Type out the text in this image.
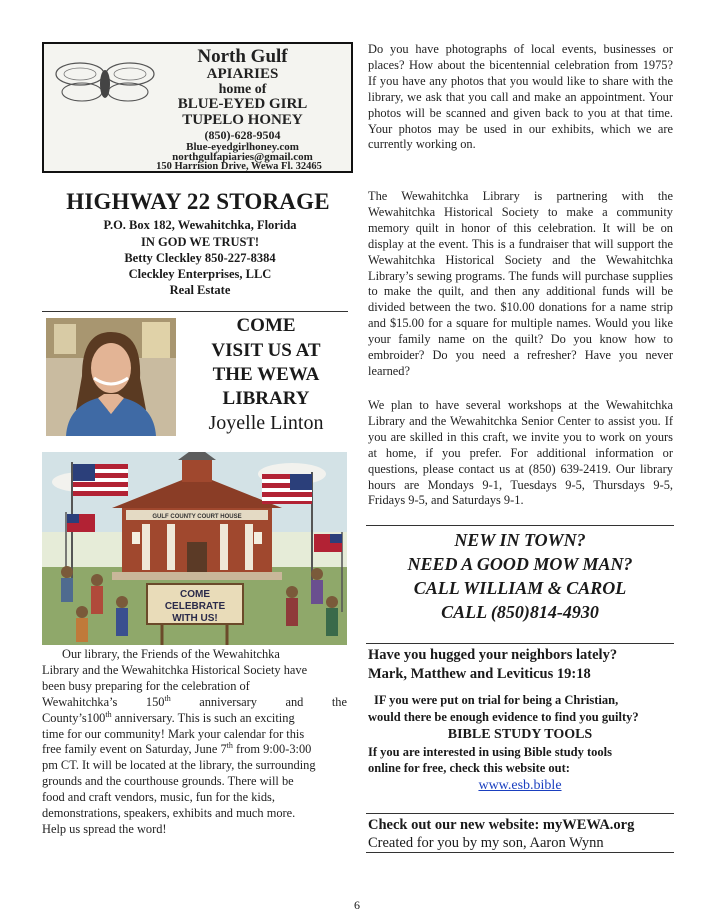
North Gulf
APIARIES
home of
BLUE-EYED GIRL
TUPELO HONEY
(850)-628-9504
Blue-eyedgirlhoney.com
northgulfapiaries@gmail.com
150 Harrision Drive, Wewa Fl. 32465
HIGHWAY 22 STORAGE
P.O. Box 182, Wewahitchka, Florida
IN GOD WE TRUST!
Betty Cleckley 850-227-8384
Cleckley Enterprises, LLC
Real Estate
COME
VISIT US AT
THE WEWA
LIBRARY
Joyelle Linton
GULF COUNTY COURT HOUSE
COME
CELEBRATE
WITH US!
Our library, the Friends of the Wewahitchka
Library and the Wewahitchka Historical Society have
been busy preparing for the celebration of
Wewahitchka’s 150th anniversary and the
County’s100th anniversary. This is such an exciting
time for our community! Mark your calendar for this
free family event on Saturday, June 7th from 9:00-3:00
pm CT. It will be located at the library, the surrounding
grounds and the courthouse grounds. There will be
food and craft vendors, music, fun for the kids,
demonstrations, speakers, exhibits and much more.
Help us spread the word!
Do you have photographs of local events, businesses or places? How about the bicentennial celebration from 1975? If you have any photos that you would like to share with the library, we ask that you call and make an appointment. Your photos will be scanned and given back to you at that time. Your photos may be used in our exhibits, which we are currently working on.
The Wewahitchka Library is partnering with the Wewahitchka Historical Society to make a community memory quilt in honor of this celebration. It will be on display at the event. This is a fundraiser that will support the Wewahitchka Historical Society and the Wewahitchka Library’s sewing programs. The funds will purchase supplies to make the quilt, and then any additional funds will be divided between the two. $10.00 donations for a name strip and $15.00 for a square for multiple names. Would you like your family name on the quilt? Do you know how to embroider? Do you need a refresher? Have you never learned?
We plan to have several workshops at the Wewahitchka Library and the Wewahitchka Senior Center to assist you. If you are skilled in this craft, we invite you to work on yours at home, if you prefer. For additional information or questions, please contact us at (850) 639-2419. Our library hours are Mondays 9-1, Tuesdays 9-5, Thursdays 9-5, Fridays 9-5, and Saturdays 9-1.
NEW IN TOWN?
NEED A GOOD MOW MAN?
CALL WILLIAM & CAROL
CALL (850)814-4930
Have you hugged your neighbors lately?
Mark, Matthew and Leviticus 19:18
IF you were put on trial for being a Christian,
would there be enough evidence to find you guilty?
BIBLE STUDY TOOLS
If you are interested in using Bible study tools
online for free, check this website out:
www.esb.bible
Check out our new website: myWEWA.org
Created for you by my son, Aaron Wynn
6
